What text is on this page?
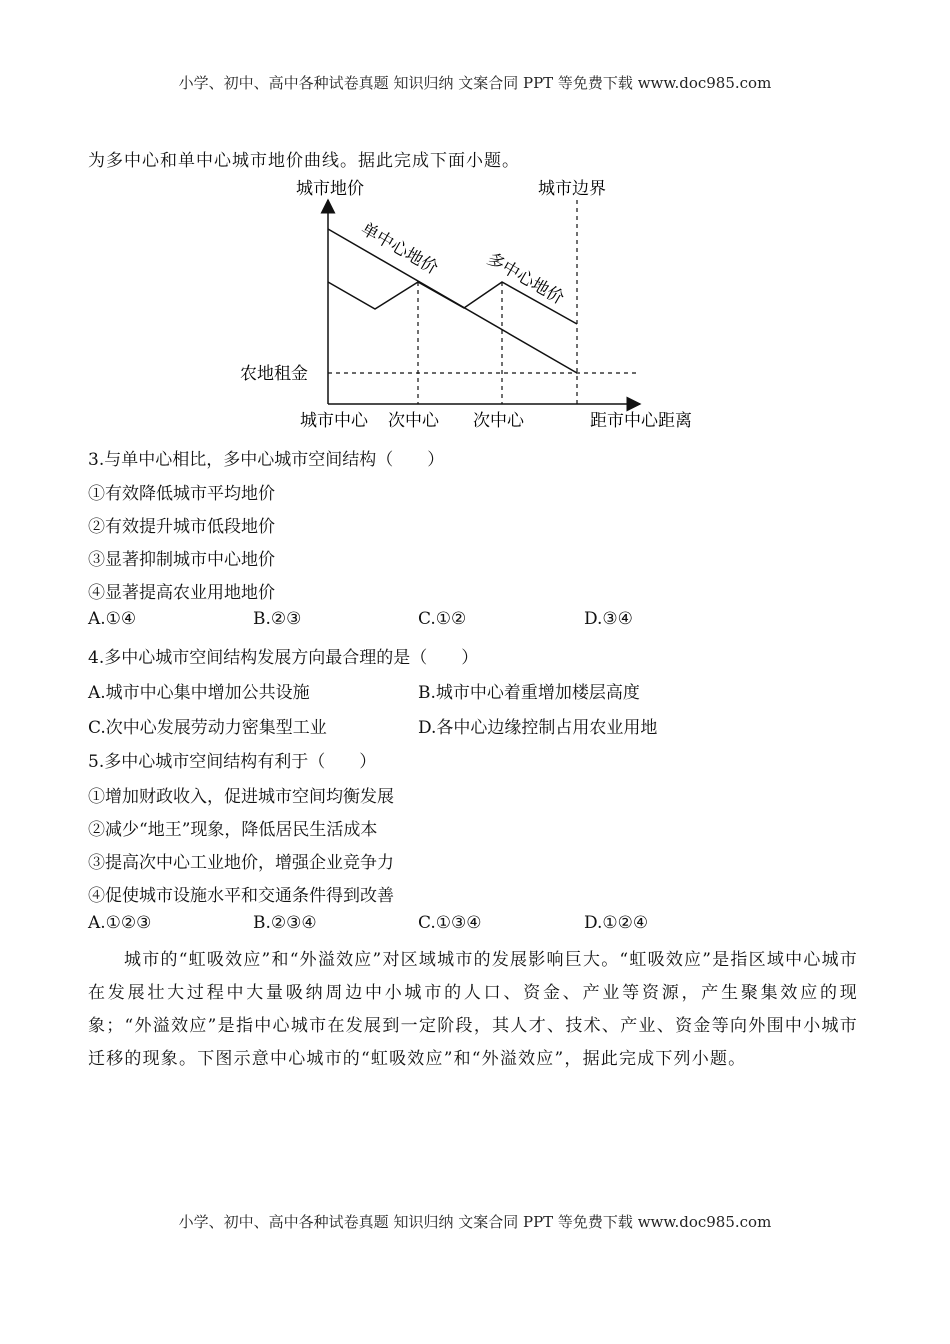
小学、初中、高中各种试卷真题 知识归纳 文案合同 PPT 等免费下载 www.doc985.com
为多中心和单中心城市地价曲线。据此完成下面小题。
城市地价	城市边界
单中心地价
多中心地价
农地租金
城市中心 次中心 次中心	距市中心距离
3.与单中心相比，多中心城市空间结构（　　）
①有效降低城市平均地价
②有效提升城市低段地价
③显著抑制城市中心地价
④显著提高农业用地地价
A.①④	B.②③	C.①②	D.③④
4.多中心城市空间结构发展方向最合理的是（　　）
A.城市中心集中增加公共设施	B.城市中心着重增加楼层高度
C.次中心发展劳动力密集型工业	D.各中心边缘控制占用农业用地
5.多中心城市空间结构有利于（　　）
①增加财政收入，促进城市空间均衡发展
②减少“地王”现象，降低居民生活成本
③提高次中心工业地价，增强企业竞争力
④促使城市设施水平和交通条件得到改善
A.①②③	B.②③④	C.①③④	D.①②④
城市的“虹吸效应”和“外溢效应”对区域城市的发展影响巨大。“虹吸效应”是指区域中心城市在发展壮大过程中大量吸纳周边中小城市的人口、资金、产业等资源，产生聚集效应的现象；“外溢效应”是指中心城市在发展到一定阶段，其人才、技术、产业、资金等向外围中小城市迁移的现象。下图示意中心城市的“虹吸效应”和“外溢效应”，据此完成下列小题。
小学、初中、高中各种试卷真题 知识归纳 文案合同 PPT 等免费下载 www.doc985.com
